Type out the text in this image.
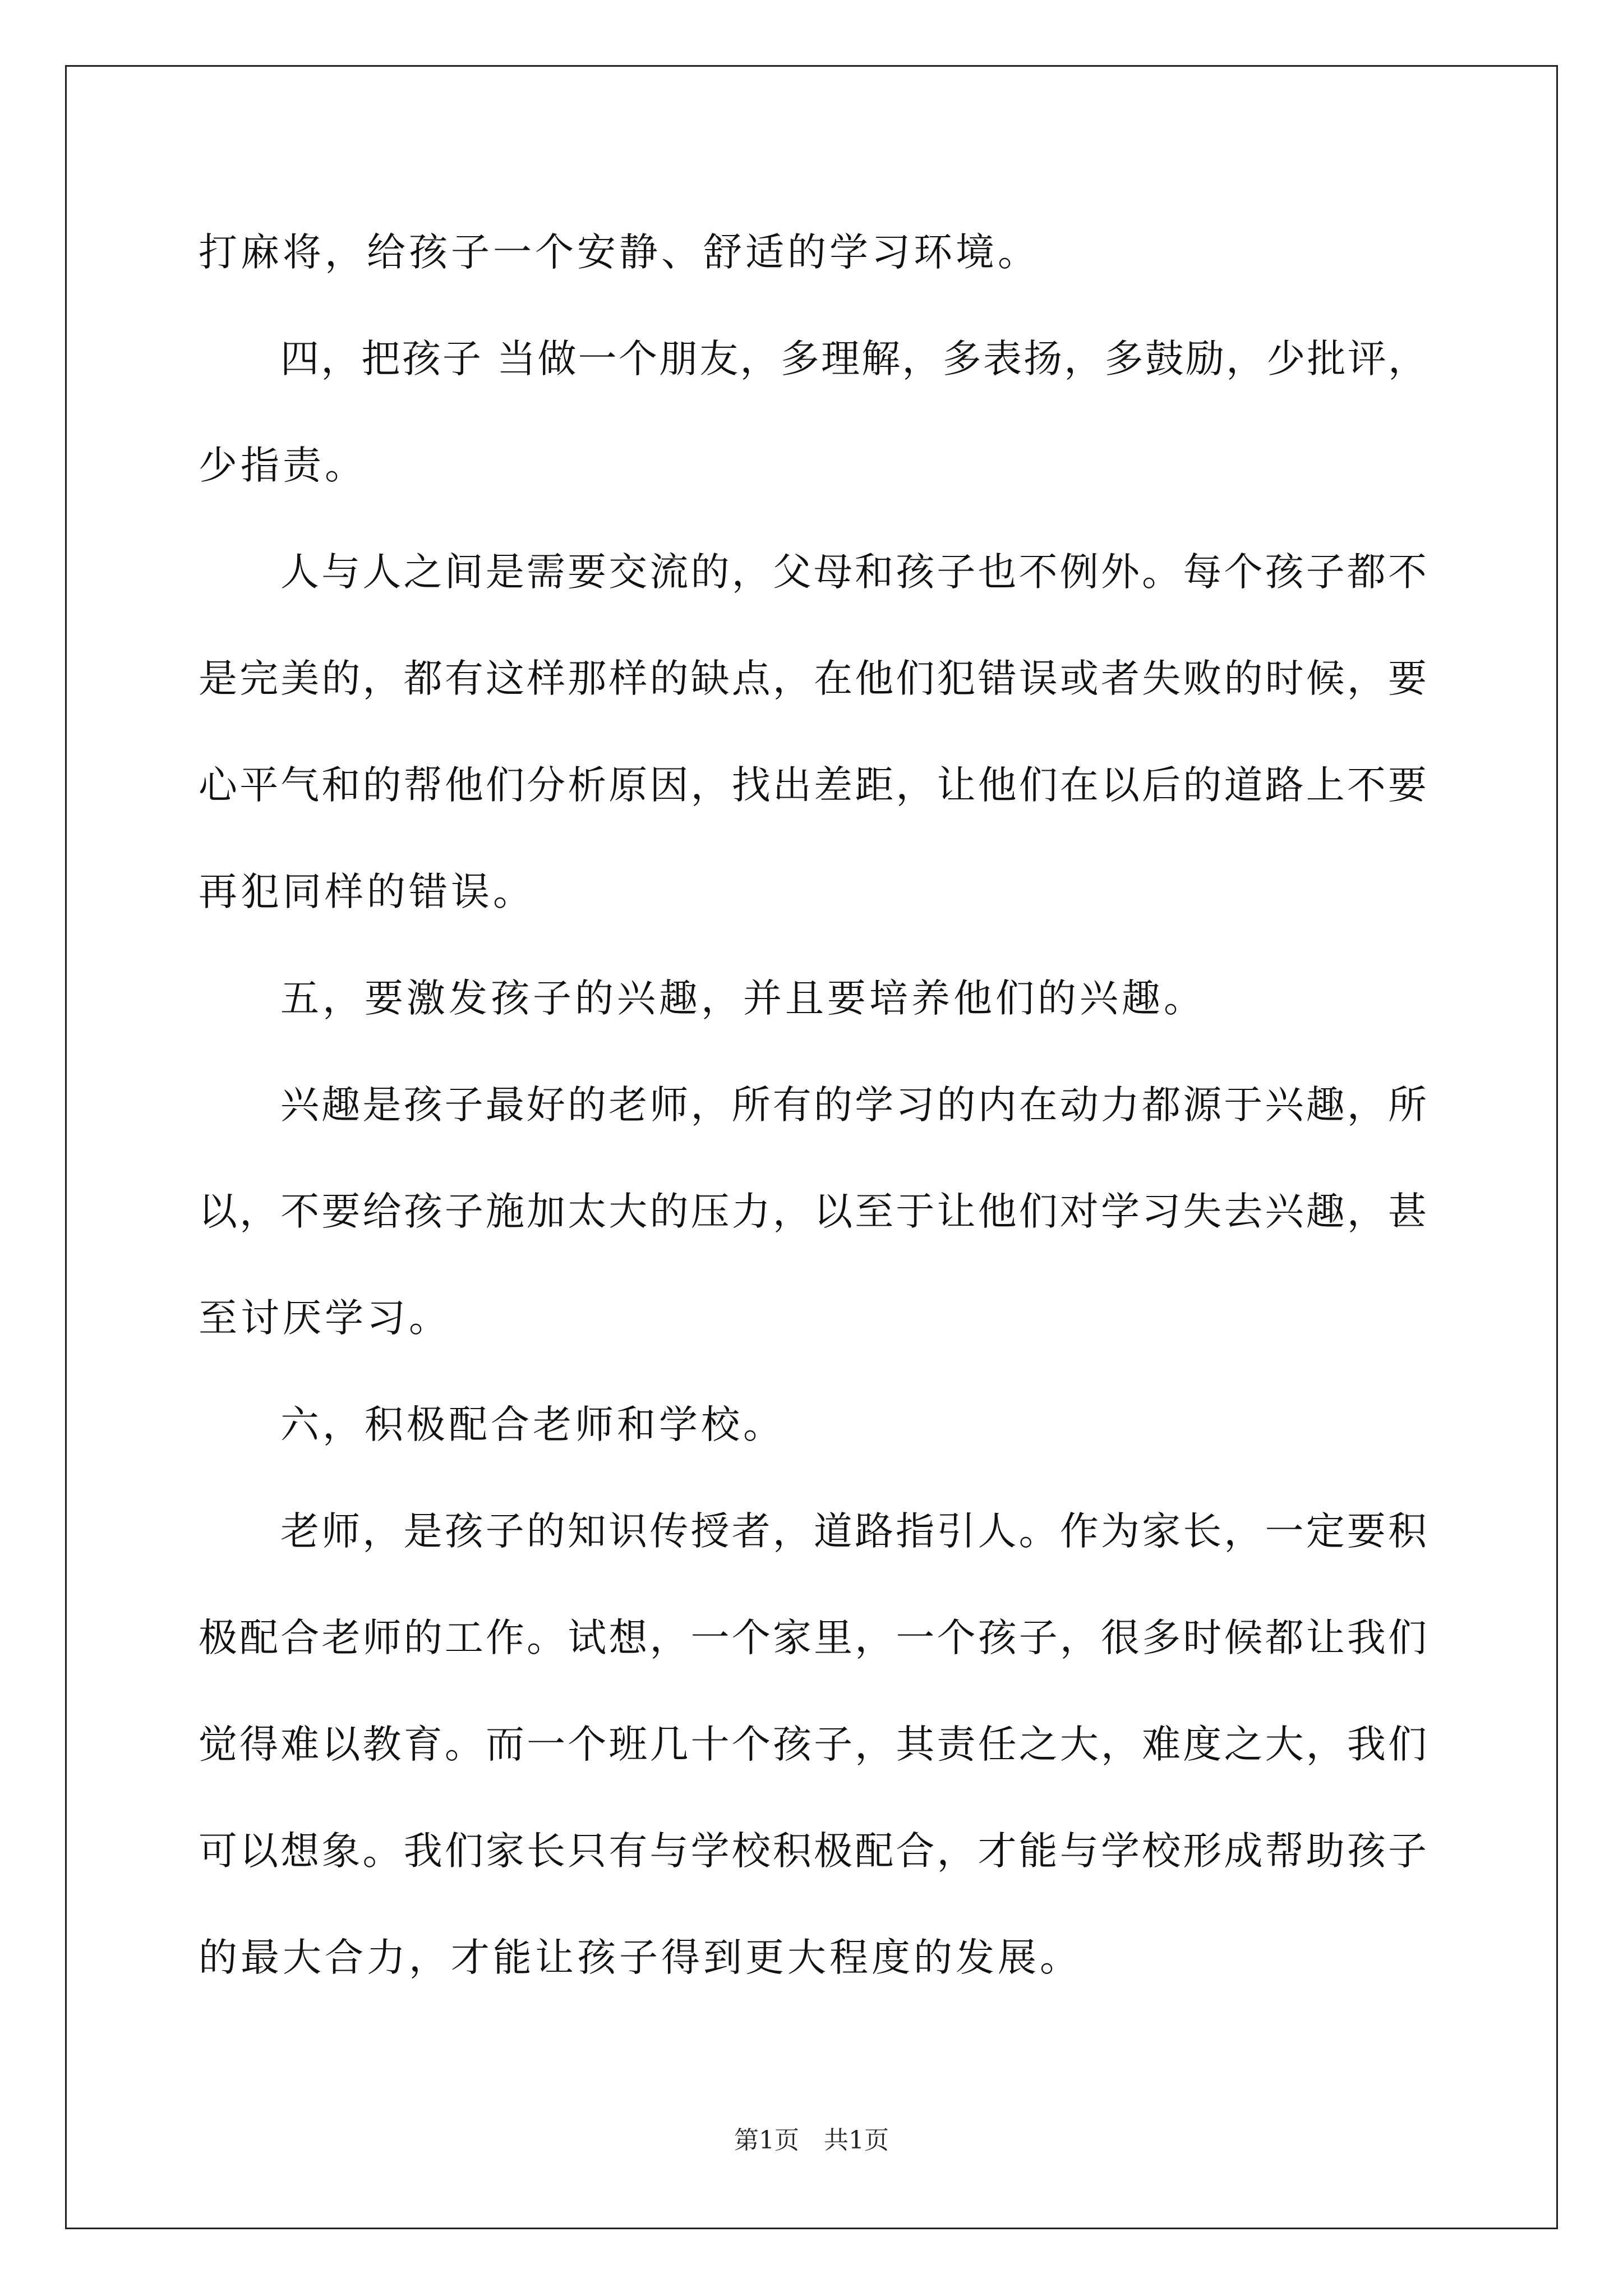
打麻将，给孩子一个安静、舒适的学习环境。
四，把孩子 当做一个朋友，多理解，多表扬，多鼓励，少批评，
少指责。
人与人之间是需要交流的，父母和孩子也不例外。每个孩子都不
是完美的，都有这样那样的缺点，在他们犯错误或者失败的时候，要
心平气和的帮他们分析原因，找出差距，让他们在以后的道路上不要
再犯同样的错误。
五，要激发孩子的兴趣，并且要培养他们的兴趣。
兴趣是孩子最好的老师，所有的学习的内在动力都源于兴趣，所
以，不要给孩子施加太大的压力，以至于让他们对学习失去兴趣，甚
至讨厌学习。
六，积极配合老师和学校。
老师，是孩子的知识传授者，道路指引人。作为家长，一定要积
极配合老师的工作。试想，一个家里，一个孩子，很多时候都让我们
觉得难以教育。而一个班几十个孩子，其责任之大，难度之大，我们
可以想象。我们家长只有与学校积极配合，才能与学校形成帮助孩子
的最大合力，才能让孩子得到更大程度的发展。
第1页　共1页
